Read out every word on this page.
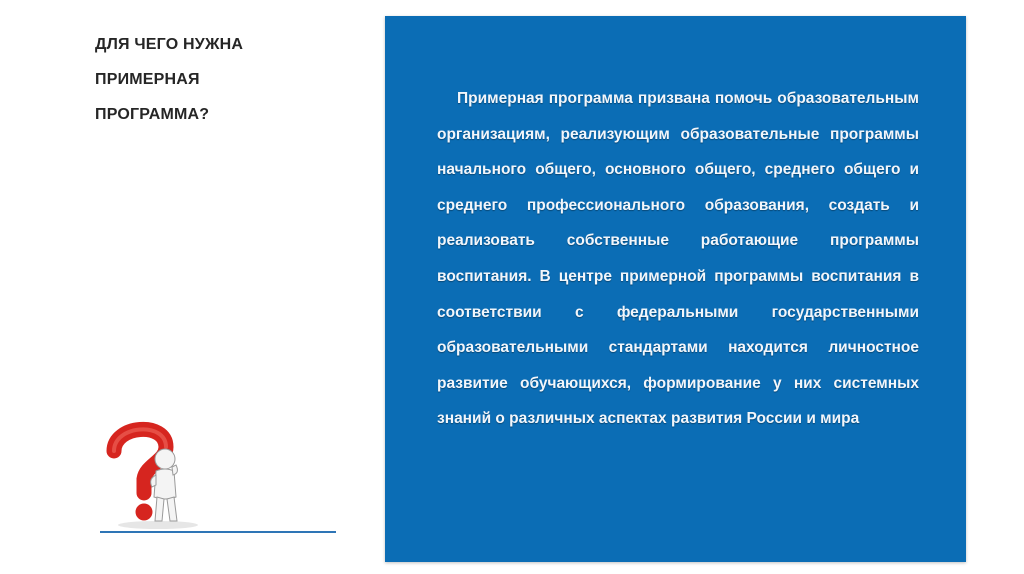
ДЛЯ ЧЕГО НУЖНА
ПРИМЕРНАЯ
ПРОГРАММА?

Примерная программа призвана помочь образовательным организациям, реализующим образовательные программы начального общего, основного общего, среднего общего и среднего профессионального образования, создать и реализовать собственные работающие программы воспитания. В центре примерной программы воспитания в соответствии с федеральными государственными образовательными стандартами находится личностное развитие обучающихся, формирование у них системных знаний о различных аспектах развития России и мира
